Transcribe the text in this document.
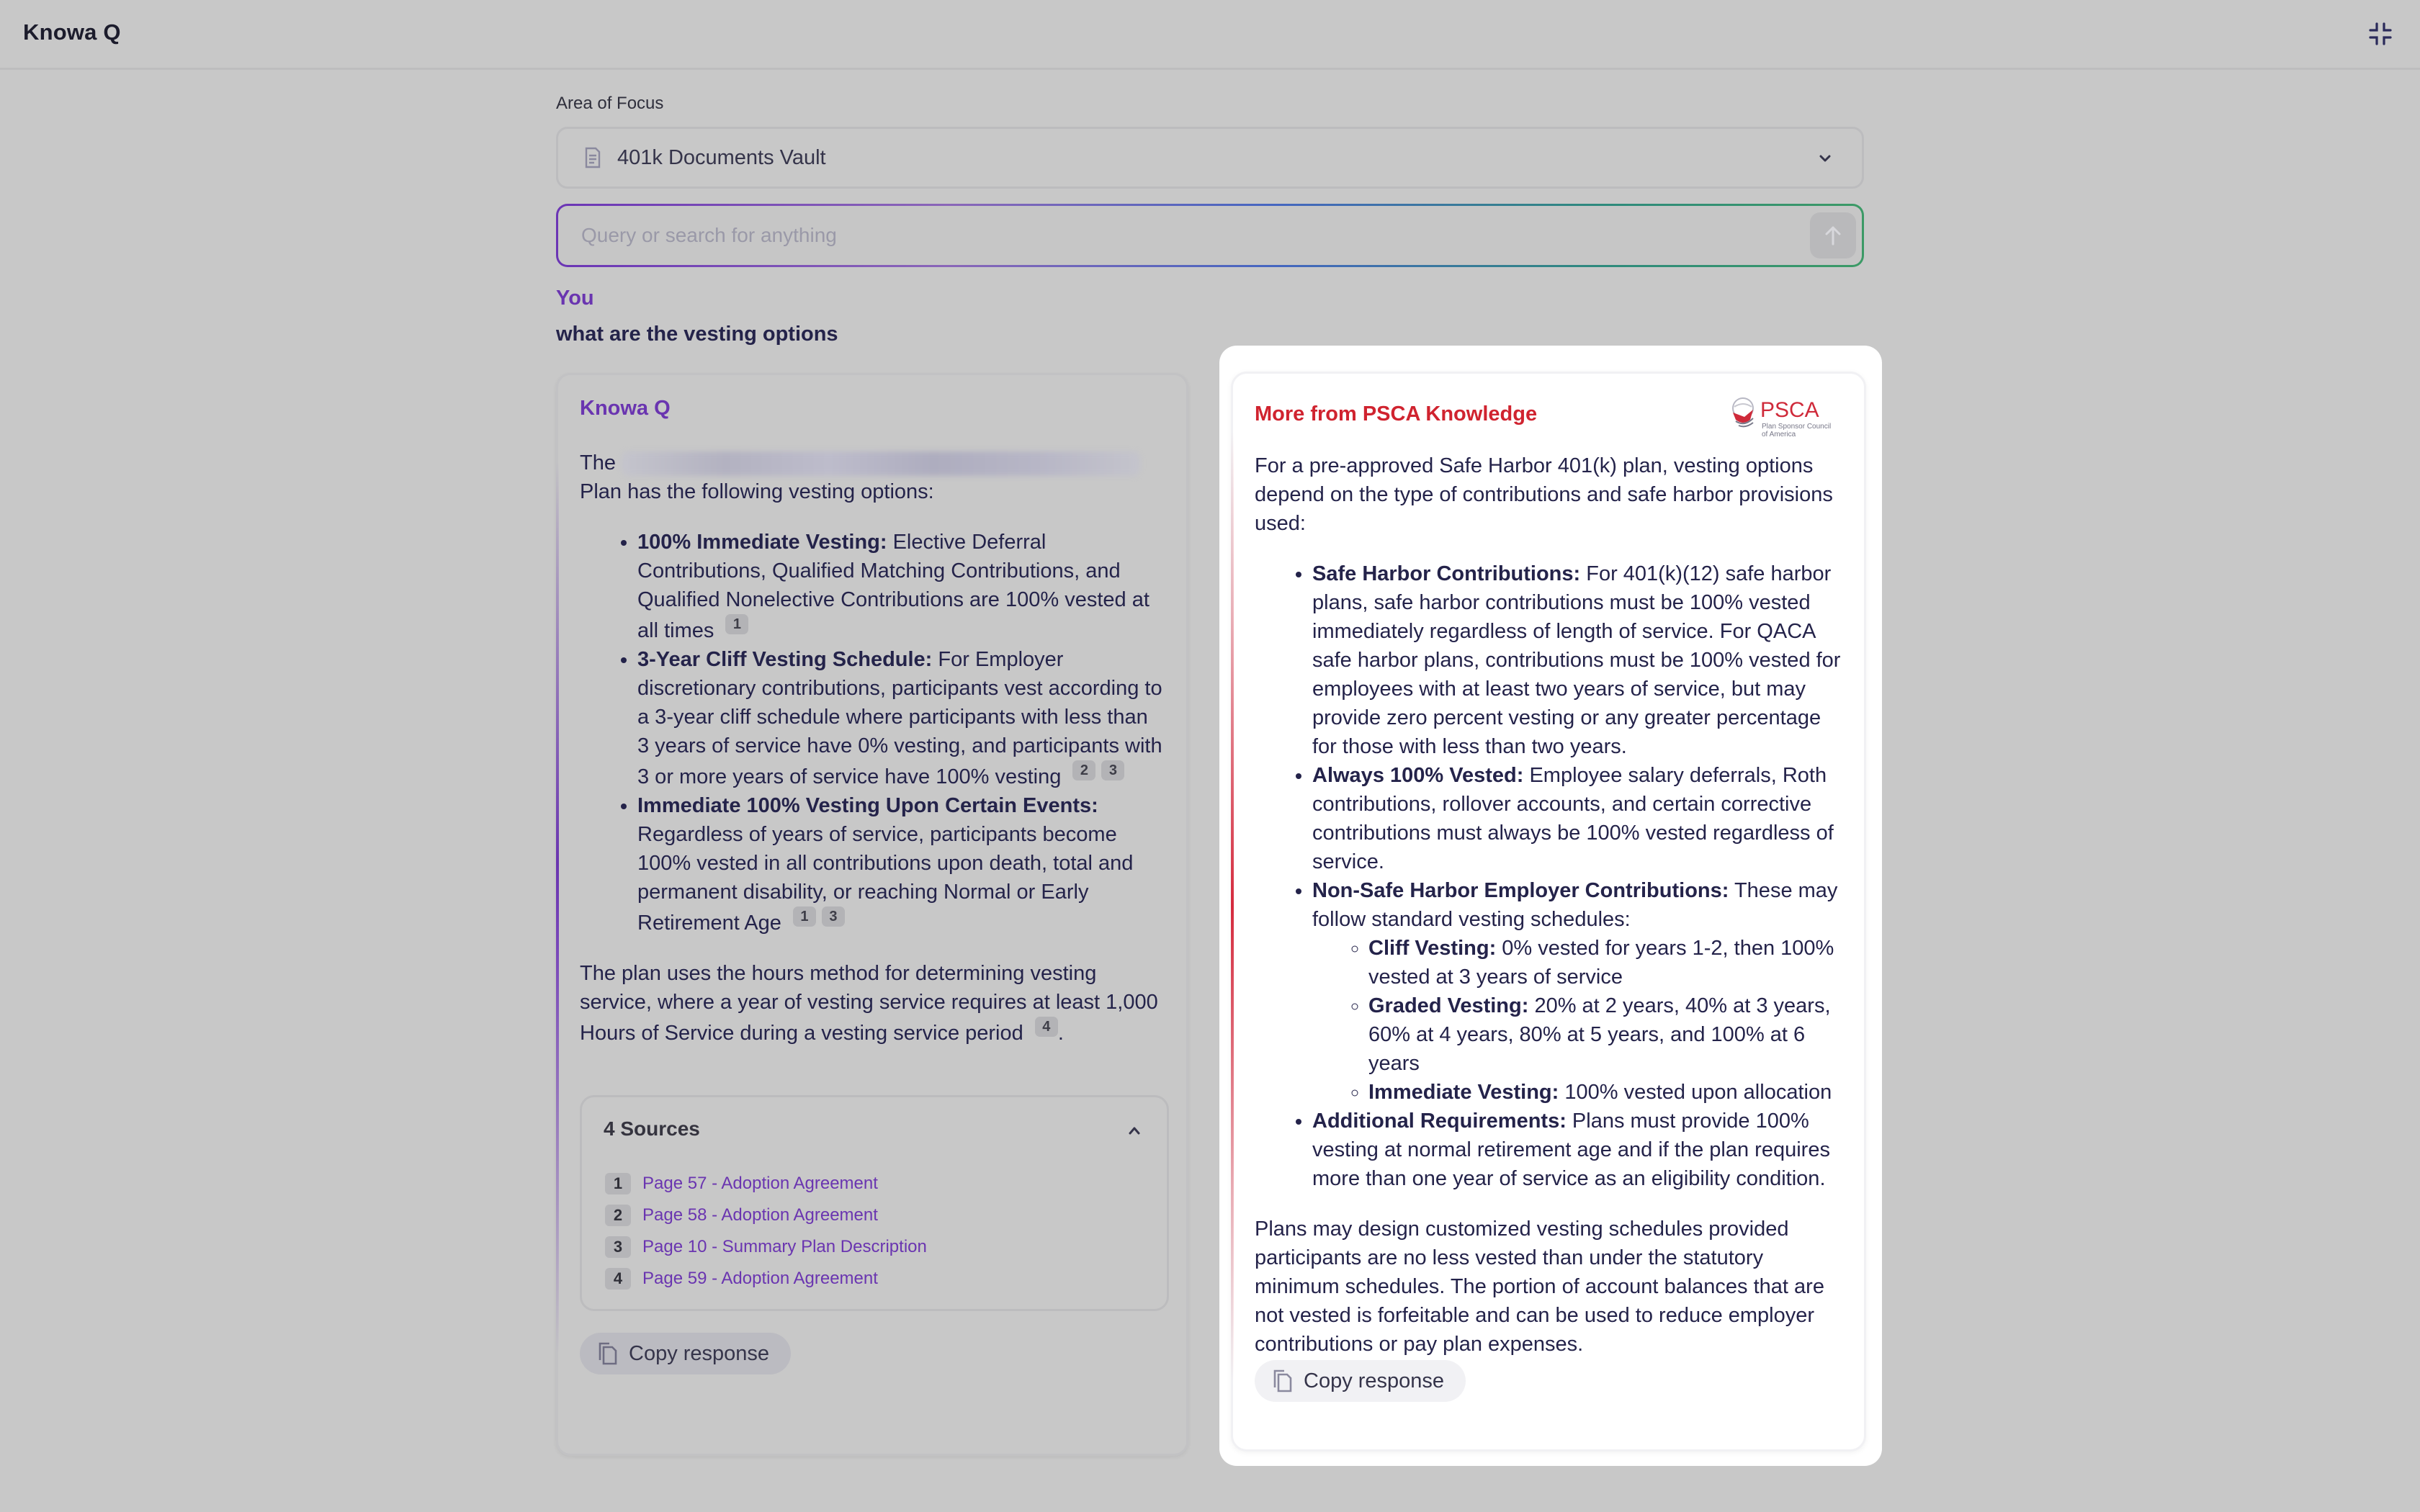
Knowa Q
Area of Focus
401k Documents Vault
Query or search for anything
You
what are the vesting options
Knowa Q

The
Plan has the following vesting options:

• 100% Immediate Vesting: Elective Deferral Contributions, Qualified Matching Contributions, and Qualified Nonelective Contributions are 100% vested at all times 1
• 3-Year Cliff Vesting Schedule: For Employer discretionary contributions, participants vest according to a 3-year cliff schedule where participants with less than 3 years of service have 0% vesting, and participants with 3 or more years of service have 100% vesting 2 3
• Immediate 100% Vesting Upon Certain Events: Regardless of years of service, participants become 100% vested in all contributions upon death, total and permanent disability, or reaching Normal or Early Retirement Age 1 3

The plan uses the hours method for determining vesting service, where a year of vesting service requires at least 1,000 Hours of Service during a vesting service period 4 .

4 Sources
1	Page 57 - Adoption Agreement
2	Page 58 - Adoption Agreement
3	Page 10 - Summary Plan Description
4	Page 59 - Adoption Agreement
Copy response
More from PSCA Knowledge	PSCA
Plan Sponsor Council
of America

For a pre-approved Safe Harbor 401(k) plan, vesting options depend on the type of contributions and safe harbor provisions used:

• Safe Harbor Contributions: For 401(k)(12) safe harbor plans, safe harbor contributions must be 100% vested immediately regardless of length of service. For QACA safe harbor plans, contributions must be 100% vested for employees with at least two years of service, but may provide zero percent vesting or any greater percentage for those with less than two years.
• Always 100% Vested: Employee salary deferrals, Roth contributions, rollover accounts, and certain corrective contributions must always be 100% vested regardless of service.
• Non-Safe Harbor Employer Contributions: These may follow standard vesting schedules:
◦ Cliff Vesting: 0% vested for years 1-2, then 100% vested at 3 years of service
◦ Graded Vesting: 20% at 2 years, 40% at 3 years, 60% at 4 years, 80% at 5 years, and 100% at 6 years
◦ Immediate Vesting: 100% vested upon allocation
• Additional Requirements: Plans must provide 100% vesting at normal retirement age and if the plan requires more than one year of service as an eligibility condition.

Plans may design customized vesting schedules provided participants are no less vested than under the statutory minimum schedules. The portion of account balances that are not vested is forfeitable and can be used to reduce employer contributions or pay plan expenses.

Copy response
